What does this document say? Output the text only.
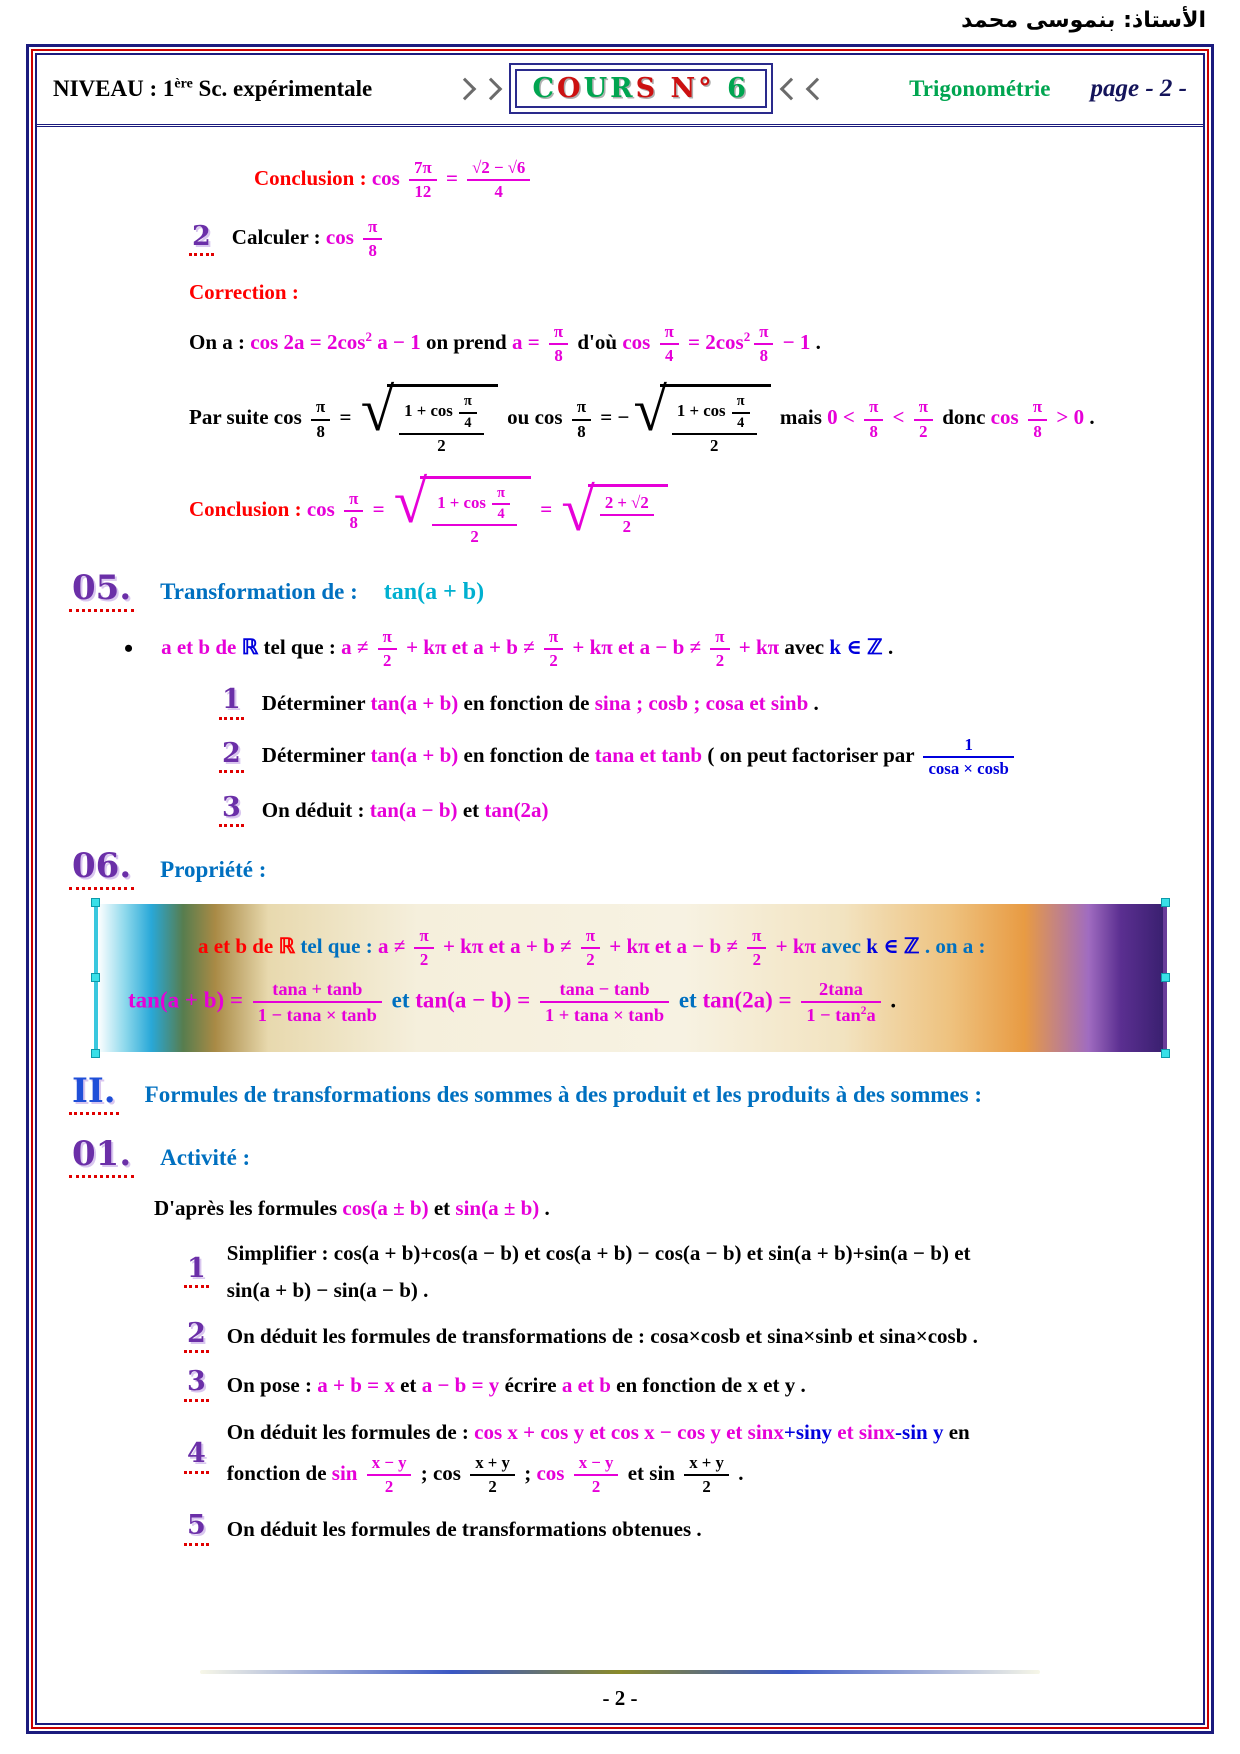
الأستاذ: بنموسى محمد
NIVEAU : 1ère Sc. expérimentale	COURS N° 6	Trigonométrie page - 2 -
Conclusion : $\cos \frac{7\pi}{12} = \frac{√2 - √6}{4}$
2 Calculer : $\cos \frac{\pi}{8}$
Correction :
On a : $\cos 2a = 2\cos^2$ a − 1 on prend $a = \frac{\pi}{8}$ d'où $\cos \frac{\pi}{4} = 2\cos^2 \frac{\pi}{8} - 1$ .
Par suite $\cos \frac{\pi}{8}$ = √ $\frac{1 + \cos \frac{\pi}{4}}{2}$ ou $\cos \frac{\pi}{8}$ = − √ $\frac{1 + \cos \frac{\pi}{4}}{2}$ mais $0 < \frac{\pi}{8} < \frac{\pi}{2}$ donc $\cos \frac{\pi}{8} > 0$ .
Conclusion : $\cos \frac{\pi}{8}$ = √ $\frac{1 + \cos \frac{\pi}{4}}{2}$ = √ $\frac{2 + √2}{2}$
05. Transformation de : tan(a + b)
• a et b de ℝ tel que : $a \ne \frac{\pi}{2} + k\pi$ et $a + b \ne \frac{\pi}{2} + k\pi$ et $a - b \ne \frac{\pi}{2} + k\pi$ avec k ∈ ℤ .
1 Déterminer tan(a + b) en fonction de sina ; cosb ; cosa et sinb .
2 Déterminer tan(a + b) en fonction de tana et tanb ( on peut factoriser par $\frac{1}{\cos a \times \cos b}$
3 On déduit : tan(a − b) et tan(2a)
06. Propriété :
a et b de ℝ tel que : $a \ne \frac{\pi}{2} + k\pi$ et $a + b \ne \frac{\pi}{2} + k\pi$ et $a - b \ne \frac{\pi}{2} + k\pi$ avec k ∈ ℤ . on a :
$\tan(a + b) = \frac{\tan a + \tan b}{1 - \tan a \times \tan b}$ et $\tan(a - b) = \frac{\tan a - \tan b}{1 + \tan a \times \tan b}$ et $\tan(2a) = \frac{2\tan a}{1 - \tan^2a}$ .
II. Formules de transformations des sommes à des produit et les produits à des sommes :
01. Activité :
D'après les formules cos(a ± b) et sin(a ± b) .
1 Simplifier : cos(a + b)+cos(a − b) et cos(a + b) − cos(a − b) et sin(a + b)+sin(a − b) et
sin(a + b) − sin(a − b) .
2 On déduit les formules de transformations de : cosa×cosb et sina×sinb et sina×cosb .
3 On pose : a + b = x et a − b = y écrire a et b en fonction de x et y .
4
On déduit les formules de : cos x + cos y et cos x − cos y et sinx+siny et sinx-sin y en
fonction de $\sin \frac{x - y}{2}$ ; $\cos \frac{x + y}{2}$ ; $\cos \frac{x - y}{2}$ et $\sin \frac{x + y}{2}$ .
5 On déduit les formules de transformations obtenues .
- 2 -
